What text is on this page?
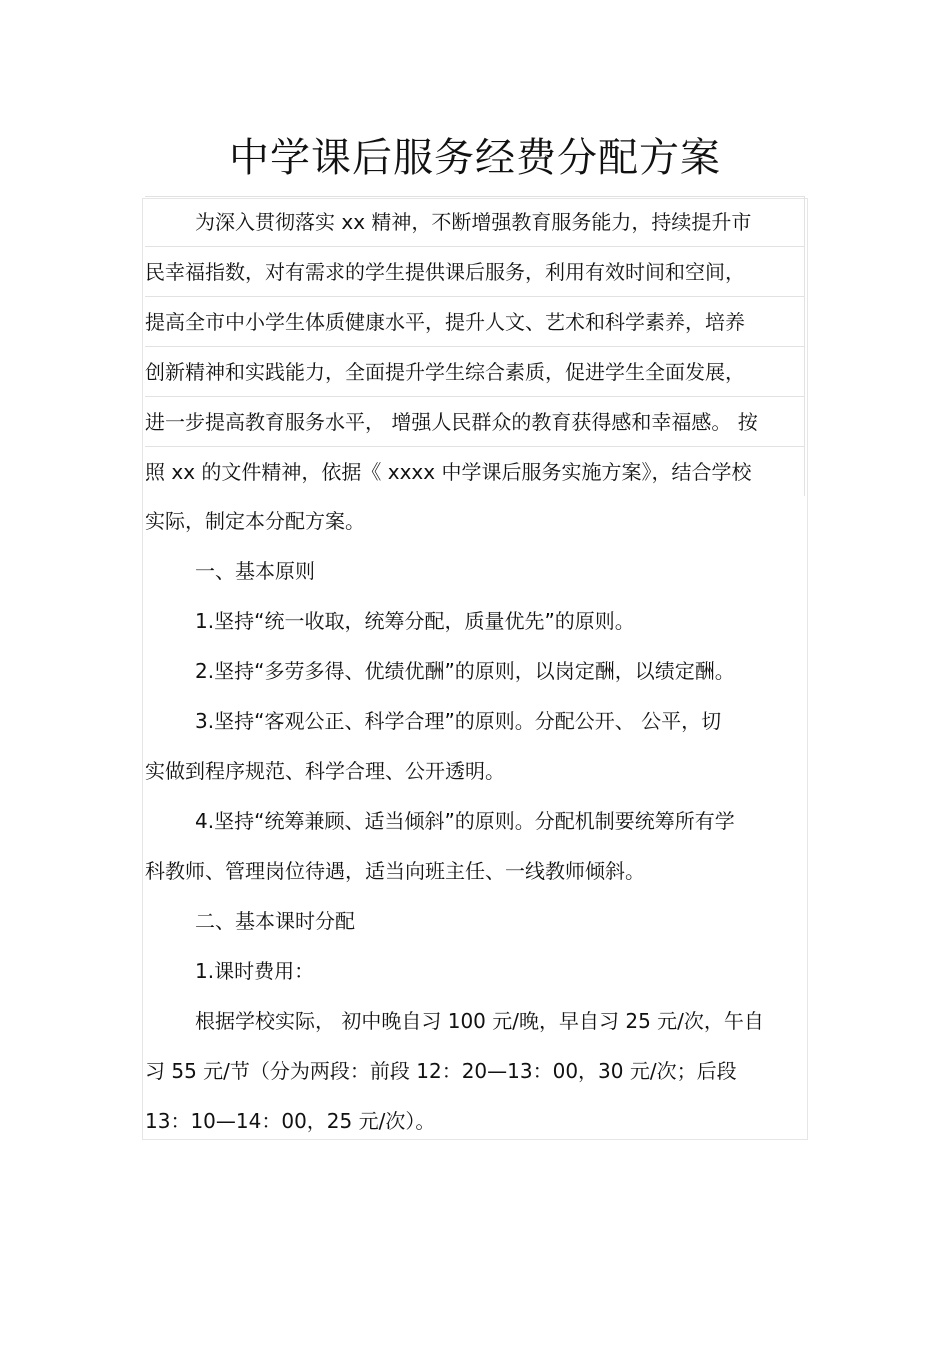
中学课后服务经费分配方案
为深入贯彻落实 xx 精神，不断增强教育服务能力，持续提升市
民幸福指数，对有需求的学生提供课后服务，利用有效时间和空间，
提高全市中小学生体质健康水平，提升人文、艺术和科学素养，培养
创新精神和实践能力，全面提升学生综合素质，促进学生全面发展，
进一步提高教育服务水平， 增强人民群众的教育获得感和幸福感。 按
照 xx 的文件精神，依据《 xxxx 中学课后服务实施方案》，结合学校
实际，制定本分配方案。
一、基本原则
1.坚持“统一收取，统筹分配，质量优先”的原则。
2.坚持“多劳多得、优绩优酬”的原则，以岗定酬，以绩定酬。
3.坚持“客观公正、科学合理”的原则。分配公开、 公平，切
实做到程序规范、科学合理、公开透明。
4.坚持“统筹兼顾、适当倾斜”的原则。分配机制要统筹所有学
科教师、管理岗位待遇，适当向班主任、一线教师倾斜。
二、基本课时分配
1.课时费用：
根据学校实际， 初中晚自习 100 元/晚，早自习 25 元/次，午自
习 55 元/节（分为两段：前段 12：20—13：00，30 元/次；后段
13：10—14：00，25 元/次）。
